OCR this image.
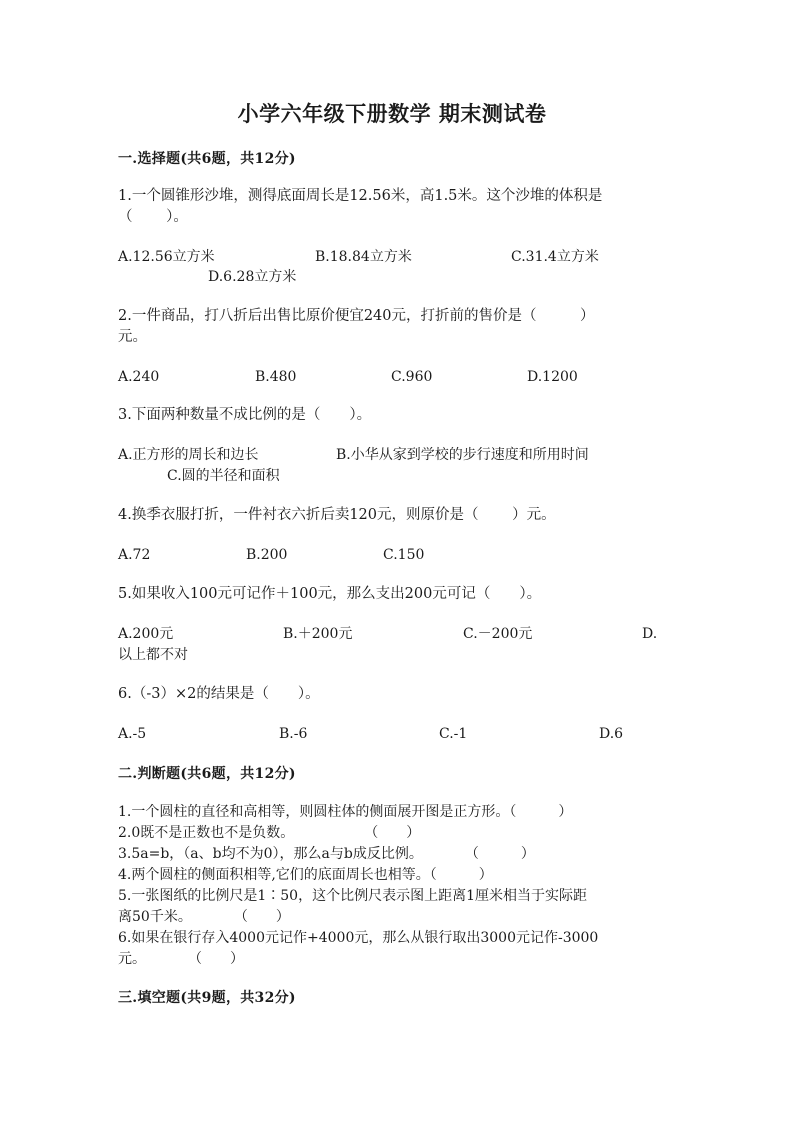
小学六年级下册数学 期末测试卷
一.选择题(共6题，共12分)
1.一个圆锥形沙堆，测得底面周长是12.56米，高1.5米。这个沙堆的体积是
（　　 ）。
A.12.56立方米	B.18.84立方米	C.31.4立方米
D.6.28立方米
2.一件商品，打八折后出售比原价便宜240元，打折前的售价是（　　　）
元。
A.240	B.480	C.960	D.1200
3.下面两种数量不成比例的是（　　）。
A.正方形的周长和边长	B.小华从家到学校的步行速度和所用时间
C.圆的半径和面积
4.换季衣服打折，一件衬衣六折后卖120元，则原价是（　　 ）元。
A.72	B.200	C.150
5.如果收入100元可记作＋100元，那么支出200元可记（　　）。
A.200元	B.＋200元	C.－200元	D.
以上都不对
6.（-3）×2的结果是（　　）。
A.-5	B.-6	C.-1	D.6
二.判断题(共6题，共12分)
1.一个圆柱的直径和高相等，则圆柱体的侧面展开图是正方形。（　　　）
2.0既不是正数也不是负数。　　　　　　（　　）
3.5a=b，（a、b均不为0），那么a与b成反比例。　　　　（　　　）
4.两个圆柱的侧面积相等,它们的底面周长也相等。（　　　）
5.一张图纸的比例尺是1∶50，这个比例尺表示图上距离1厘米相当于实际距
离50千米。　　　　（　　）
6.如果在银行存入4000元记作+4000元，那么从银行取出3000元记作-3000
元。　　　　（　　）
三.填空题(共9题，共32分)
